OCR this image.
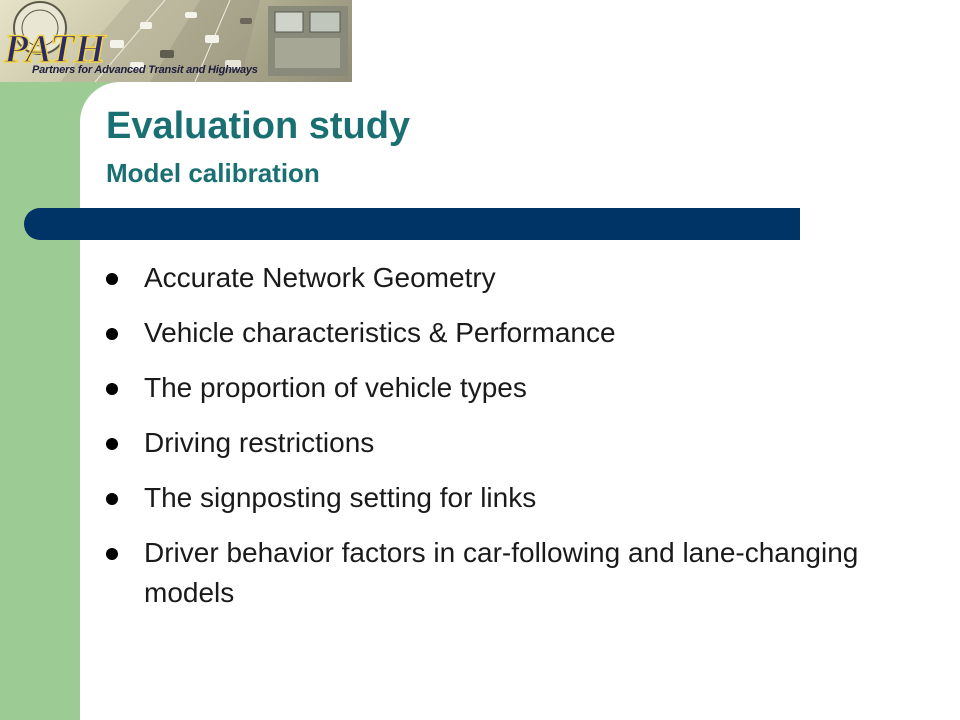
PATH
Partners for Advanced Transit and Highways
Evaluation study
Model calibration
Accurate Network Geometry
Vehicle characteristics & Performance
The proportion of vehicle types
Driving restrictions
The signposting setting for links
Driver behavior factors in car-following and lane-changing models
